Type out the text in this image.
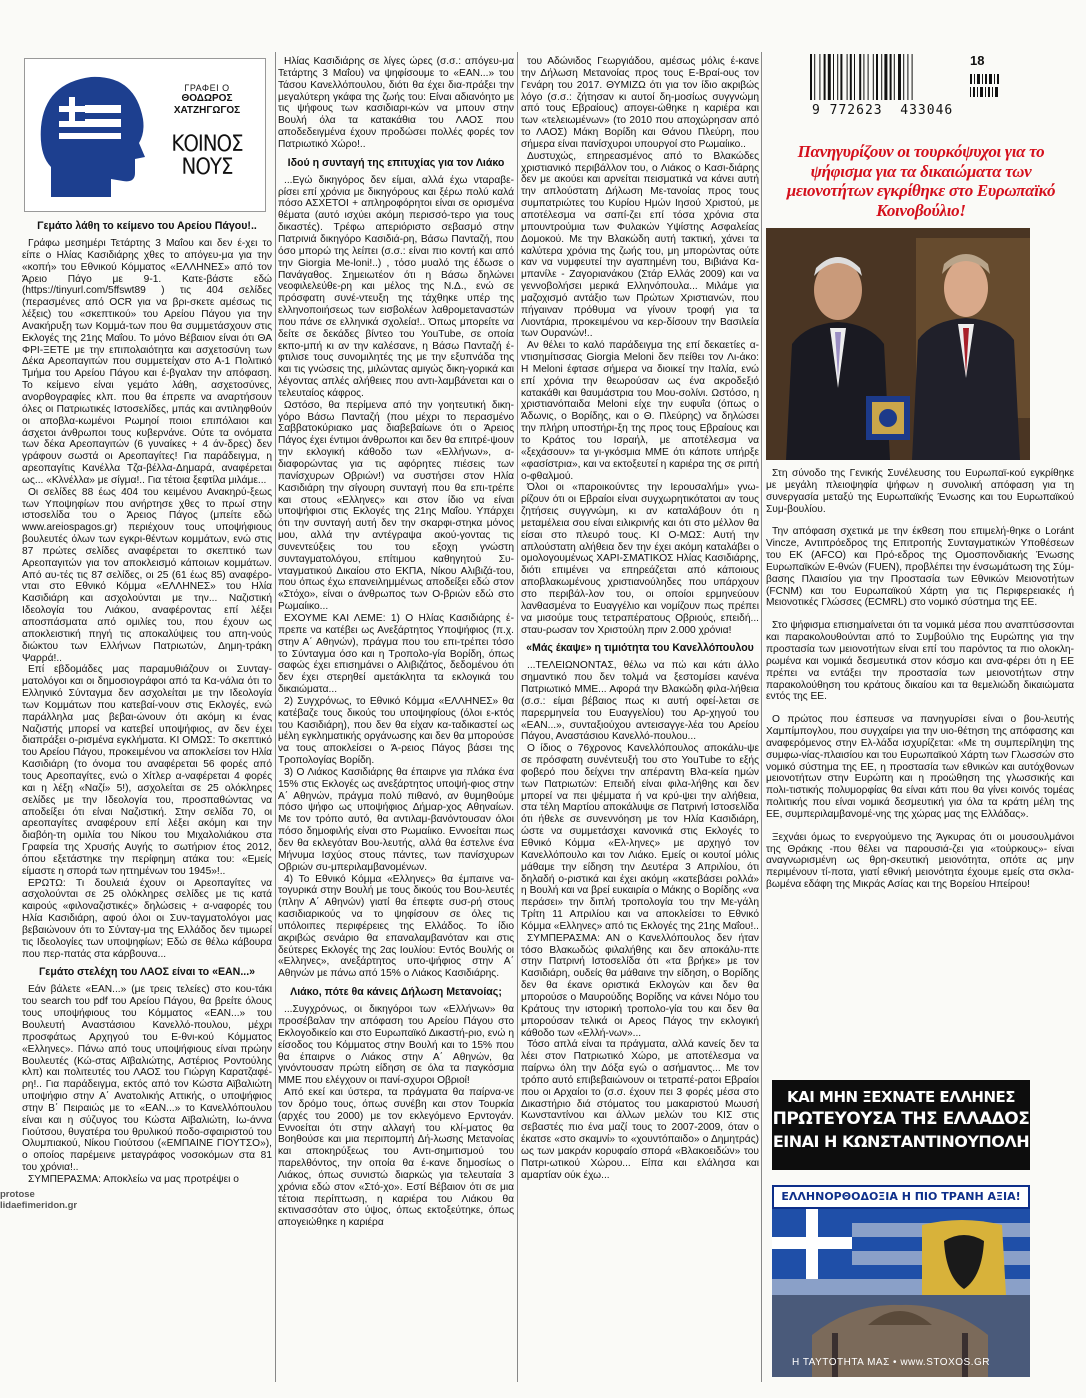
9 772623 433046
18
ΓΡΑΦΕΙ Ο
ΘΟΔΩΡΟΣ
ΧΑΤΖΗΓΩΓΟΣ
ΚΟΙΝΟΣ
ΝΟΥΣ
Γεμάτο λάθη το κείμενο του Αρείου Πάγου!..

Γράφω μεσημέρι Τετάρτης 3 Μαΐου και δεν έ-χει το είπε ο Ηλίας Κασιδιάρης χθες το απόγευ-μα για την «κοπή» του Εθνικού Κόμματος «ΕΛΛΗΝΕΣ» από τον Άρειο Πάγο με 9-1. Κατε-βάστε εδώ (https://tinyurl.com/5ffswt89 ) τις 404 σελίδες (περασμένες από OCR για να βρι-σκετε αμέσως τις λέξεις) του «σκεπτικού» του Αρείου Πάγου για την Ανακήρυξη των Κομμά-των που θα συμμετάσχουν στις Εκλογές της 21ης Μαΐου. Το μόνο Βέβαιον είναι ότι ΘΑ ΦΡΙ-ΞΕΤΕ με την επιπολαιότητα και ασχετοσύνη των Δέκα Αρεοπαγιτών που συμμετείχαν στο Α-1 Πολιτικό Τμήμα του Αρείου Πάγου και έ-βγαλαν την απόφαση. Το κείμενο είναι γεμάτο λάθη, ασχετοσύνες, ανορθογραφίες κλπ. που θα έπρεπε να αναρτήσουν όλες οι Πατριωτικές Ιστοσελίδες, μπάς και αντιληφθούν οι αποβλα-κωμένοι Ρωμηοί ποιοι επιπόλαιοι και άσχετοι άνθρωποι τους κυβερνάνε. Ούτε τα ονόματα των δέκα Αρεοπαγιτών (6 γυναίκες + 4 άν-δρες) δεν γράφουν σωστά οι Αρεοπαγίτες! Για παράδειγμα, η αρεοπαγίτις Κανέλλα Τζα-βέλλα-Δημαρά, αναφέρεται ως... «Κλνέλλα» με σίγμα!.. Για τέτοια ξεφτίλα μιλάμε...

Οι σελίδες 88 έως 404 του κειμένου Ανακηρύ-ξεως των Υποψηφίων που ανήρτησε χθες το πρωί στην ιστοσελίδα του ο Άρειος Πάγος (μπείτε εδώ www.areiospagos.gr) περιέχουν τους υποψήφιους βουλευτές όλων των εγκρι-θέντων κομμάτων, ενώ στις 87 πρώτες σελίδες αναφέρεται το σκεπτικό των Αρεοπαγιτών για τον αποκλεισμό κάποιων κομμάτων. Από αυ-τές τις 87 σελίδες, οι 25 (61 έως 85) αναφέρο-νται στο Εθνικό Κόμμα «ΕΛΛΗΝΕΣ» του Ηλία Κασιδιάρη και ασχολούνται με την... Ναζιστική Ιδεολογία του Λιάκου, αναφέροντας επί λέξει αποσπάσματα από ομιλίες του, που έχουν ως αποκλειστική πηγή τις αποκαλύψεις του απη-νούς διώκτου των Ελλήνων Πατριωτών, Δημη-τράκη Ψαρρά!..

Επί εβδομάδες μας παραμυθιάζουν οι Συνταγ-ματολόγοι και οι δημοσιογράφοι από τα Κα-νάλια ότι το Ελληνικό Σύνταγμα δεν ασχολείται με την Ιδεολογία των Κομμάτων που κατεβαί-νουν στις Εκλογές, ενώ παράλληλα μας βεβαι-ώνουν ότι ακόμη κι ένας Ναζιστής μπορεί να κατεβεί υποψήφιος, αν δεν έχει διαπράξει ο-ρισμένα εγκλήματα. ΚΙ ΟΜΩΣ: Το σκεπτικό του Αρείου Πάγου, προκειμένου να αποκλείσει τον Ηλία Κασιδιάρη (το όνομα του αναφέρεται 56 φορές από τους Αρεοπαγίτες, ενώ ο Χίτλερ α-ναφέρεται 4 φορές και η λέξη «Ναζί» 5!), ασχολείται σε 25 ολόκληρες σελίδες με την Ιδεολογία του, προσπαθώντας να αποδείξει ότι είναι Ναζιστική. Στην σελίδα 70, οι αρεοπαγίτες αναφέρουν επί λέξει ακόμη και την διαβόη-τη ομιλία του Νίκου του Μιχαλολιάκου στα Γραφεία της Χρυσής Αυγής το σωτήριον έτος 2012, όπου εξετάστηκε την περίφημη ατάκα του: «Εμείς είμαστε η σπορά των ηττημένων του 1945»!..

ΕΡΩΤΩ: Τι δουλειά έχουν οι Αρεοπαγίτες να ασχολούνται σε 25 ολόκληρες σελίδες με τις κατά καιρούς «φιλοναζιστικές» δηλώσεις + α-ναφορές του Ηλία Κασιδιάρη, αφού όλοι οι Συν-ταγματολόγοι μας βεβαιώνουν ότι το Σύνταγ-μα της Ελλάδος δεν τιμωρεί τις Ιδεολογίες των υποψηφίων; Εδώ σε θέλω κάβουρα που περ-πατάς στα κάρβουνα...

Γεμάτο στελέχη του ΛΑΟΣ είναι το «ΕΑΝ...»

Εάν βάλετε «ΕΑΝ...» (με τρεις τελείες) στο κου-τάκι του search του pdf του Αρείου Πάγου, θα βρείτε όλους τους υποψήφιους του Κόμματος «ΕΑΝ...» του Βουλευτή Αναστάσιου Κανελλό-πουλου, μέχρι προσφάτως Αρχηγού του Ε-θνι-κού Κόμματος «Ελληνες». Πάνω από τους υποψήφιους είναι πρώην Βουλευτές (Κώ-στας Αϊβαλιώτης, Αστέριος Ροντούλης κλπ) και πολιτευτές του ΛΑΟΣ του Γιώργη Καρατζαφέ-ρη!.. Για παράδειγμα, εκτός από τον Κώστα Αϊβαλιώτη υποψήφιο στην Α΄ Ανατολικής Αττικής, ο υποψήφιος στην Β΄ Πειραιώς με το «ΕΑΝ...» το Κανελλόπουλου είναι και η σύζυγος του Κώστα Αϊβαλιώτη, Ιω-άννα Γιούτσου, θυγατέρα του θρυλικού ποδο-σφαιριστού του Ολυμπιακού, Νίκου Γιούτσου («ΕΜΠΑΙΝΕ ΓΙΟΥΤΣΟ»), ο οποίος παρέμεινε μεταγράφος νοσοκόμων στα 81 του χρόνια!..

ΣΥΜΠΕΡΑΣΜΑ: Αποκλείω να μας προτρέψει ο

Ηλίας Κασιδιάρης σε λίγες ώρες (σ.σ.: απόγευ-μα Τετάρτης 3 Μαΐου) να ψηφίσουμε το «ΕΑΝ...» του Τάσου Κανελλόπουλου, διότι θα έχει δια-πράξει την μεγαλύτερη γκάφα της ζωής του: Είναι αδιανόητο με τις ψήφους των κασιδιαρι-κών να μπουν στην Βουλή όλα τα κατακάθια του ΛΑΟΣ που αποδεδειγμένα έχουν προδώσει πολλές φορές τον Πατριωτικό Χώρο!..

Ιδού η συνταγή της επιτυχίας για τον Λιάκο

...Εγώ δικηγόρος δεν είμαι, αλλά έχω νταραβε-ρίσει επί χρόνια με δικηγόρους και ξέρω πολύ καλά πόσο ΑΣΧΕΤΟΙ + απληροφόρητοι είναι σε ορισμένα θέματα (αυτό ισχύει ακόμη περισσό-τερο για τους δικαστές). Τρέφω απεριόριστο σεβασμό στην Πατρινιά δικηγόρο Κασιδιά-ρη, Βάσω Πανταζή, που όσο μπορώ της λείπει (σ.σ.: είναι πιο κοντή και από την Giorgia Me-loni!..) , τόσο μυαλό της έδωσε ο Πανάγαθος. Σημειωτέον ότι η Βάσω δηλώνει νεοφιλελεύθε-ρη και μέλος της Ν.Δ., ενώ σε πρόσφατη συνέ-ντευξη της τάχθηκε υπέρ της ελληνοποιήσεως των εισβολέων λαθρομεταναστών που πάνε σε ελληνικά σχολεία!.. Όπως μπορείτε να δείτε σε δεκάδες βίντεο του YouTube, σε οποία εκπο-μπή κι αν την καλέσανε, η Βάσω Πανταζή έ-φτιλισε τους συνομιλητές της με την εξυπνάδα της και τις γνώσεις της, μιλώντας αμιγώς δικη-γορικά και λέγοντας απλές αλήθειες που αντι-λαμβάνεται και ο τελευταίος κάφρος.

Ωστόσο, θα περίμενα από την γοητευτική δικη-γόρο Βάσω Πανταζή (που μέχρι το περασμένο Σαββατοκύριακο μας διαβεβαίωνε ότι ο Άρειος Πάγος έχει έντιμοι άνθρωποι και δεν θα επιτρέ-ψουν την εκλογική κάθοδο των «Ελλήνων», α-διαφορώντας για τις αφόρητες πιέσεις των πανίσχυρων Οβριών!) να συστήσει στον Ηλία Κασιδιάρη την σίγουρη συνταγή που θα επι-τρέπε και στους «Ελληνες» και στον ίδιο να είναι υποψήφιοι στις Εκλογές της 21ης Μαΐου. Υπάρχει ότι την συνταγή αυτή δεν την σκαρφι-στηκα μόνος μου, αλλά την αντέγραψα ακού-γοντας τις συνεντεύξεις του του εξοχη γνώστη συνταγματολόγου, επίτιμου καθηγητού Συ-νταγματικού Δικαίου στο ΕΚΠΑ, Νίκου Αλιβιζά-του, που όπως έχω επανειλημμένως αποδείξει εδώ στον «Στόχο», είναι ο άνθρωπος των Ο-βριών εδώ στο Ρωμαίικο...

ΕΧΟΥΜΕ ΚΑΙ ΛΕΜΕ: 1) Ο Ηλίας Κασιδιάρης έ-πρεπε να κατέβει ως Ανεξάρτητος Υποψήφιος (π.χ. στην Α΄ Αθηνών), πράγμα που του επι-τρέπει τόσο το Σύνταγμα όσο και η Τροπολο-γία Βορίδη, όπως σαφώς έχει επισημάνει ο Αλιβιζάτος, δεδομένου ότι δεν έχει στερηθεί αμετάκλητα τα εκλογικά του δικαιώματα...

2) Συγχρόνως, το Εθνικό Κόμμα «ΕΛΛΗΝΕΣ» θα κατέβαζε τους δικούς του υποψηφίους (όλοι ε-κτός του Κασιδιάρη), που δεν θα είχαν κα-ταδικαστεί ως μέλη εγκληματικής οργάνωσης και δεν θα μπορούσε να τους αποκλείσει ο Ά-ρειος Πάγος βάσει της Τροπολογίας Βορίδη.

3) Ο Λιάκος Κασιδιάρης θα έπαιρνε για πλάκα ένα 15% στις Εκλογές ως ανεξάρτητος υποψή-φιος στην Α΄ Αθηνών, πράγμα πολύ πιθανό, αν θυμηθούμε πόσο ψήφο ως υποψήφιος Δήμαρ-χος Αθηναίων. Με τον τρόπο αυτό, θα αντιλαμ-βανόντουσαν όλοι πόσο δημοφιλής είναι στο Ρωμαίικο. Εννοείται πως δεν θα εκλεγόταν Βου-λευτής, αλλά θα έστελνε ένα Μήνυμα Ισχύος στους πάντες, των πανίσχυρων Οβριών συ-μπεριλαμβανομένων.

4) Το Εθνικό Κόμμα «Ελληνες» θα έμπαινε να-τογυρικά στην Βουλή με τους δικούς του Βου-λευτές (πλην Α΄ Αθηνών) γιατί θα έπεφτε συσ-ρή στους κασιδιαρικούς να το ψηφίσουν σε όλες τις υπόλοιπες περιφέρειες της Ελλάδος. Το ίδιο ακριβώς σενάριο θα επαναλαμβανόταν και στις δεύτερες Εκλογές της 2ας Ιουλίου: Εντός Βουλής οι «Ελληνες», ανεξάρτητος υπο-ψήφιος στην Α΄ Αθηνών με πάνω από 15% ο Λιάκος Κασιδιάρης.

Λιάκο, πότε θα κάνεις Δήλωση Μετανοίας;

...Συγχρόνως, οι δικηγόροι των «Ελλήνων» θα προσέβαλαν την απόφαση του Αρείου Πάγου στο Εκλογοδικείο και στο Ευρωπαϊκό Δικαστή-ριο, ενώ η είσοδος του Κόμματος στην Βουλή και το 15% που θα έπαιρνε ο Λιάκος στην Α΄ Αθηνών, θα γινόντουσαν πρώτη είδηση σε όλα τα παγκόσμια ΜΜΕ που ελέγχουν οι πανί-σχυροι Οβριοί!

Από εκεί και ύστερα, τα πράγματα θα παίρνα-νε τον δρόμο τους, όπως συνέβη και στον Τουρκία (αρχές του 2000) με τον εκλεγόμενο Ερντογάν. Εννοείται ότι στην αλλαγή του κλί-ματος θα Βοηθούσε και μια περιπομπή Δή-λωσης Μετανοίας και αποκηρύξεως του Αντι-σημιτισμού του παρελθόντος, την οποία θα έ-κανε δημοσίως ο Λιάκος, όπως συνιστώ διαρκώς για τελευταία 3 χρόνια εδώ στον «Στό-χο». Εστί Βέβαιον ότι σε μια τέτοια περίπτωση, η καριέρα του Λιάκου θα εκτινασσόταν στο ύψος, όπως εκτοξεύτηκε, όπως απογειώθηκε η καριέρα

του Αδώνιδος Γεωργιάδου, αμέσως μόλις έ-κανε την Δήλωση Μετανοίας προς τους Ε-Βραί-ους τον Γενάρη του 2017. ΘΥΜΙΖΩ ότι για τον ίδιο ακριβώς λόγο (σ.σ.: ζήτησαν κι αυτοί δη-μοσίως συγγνώμη από τους Εβραίους) απογει-ώθηκε η καριέρα και των «τελειωμένων» (το 2010 που αποχώρησαν από το ΛΑΟΣ) Μάκη Βορίδη και Θάνου Πλεύρη, που σήμερα είναι πανίσχυροι υπουργοί στο Ρωμαίικο..

Δυστυχώς, επηρεασμένος από το Βλακώδες χριστιανικό περιβάλλον του, ο Λιάκος ο Κασι-διάρης δεν με ακούει και αρνείται πεισματικά να κάνει αυτή την απλούστατη Δήλωση Με-τανοίας προς τους συμπατριώτες του Κυρίου Ημών Ιησού Χριστού, με αποτέλεσμα να σαπί-ζει επί τόσα χρόνια στα μπουντρούμια των Φυλακών Υψίστης Ασφαλείας Δομοκού. Με την Βλακώδη αυτή τακτική, χάνει τα καλύτερα χρόνια της ζωής του, μη μπορώντας ούτε καν να νυμφευτεί την αγαπημένη του, Βιβιάνα Κα-μπανίλε - Ζαγοριανάκου (Στάρ Ελλάς 2009) και να γεννοβολήσει μερικά Ελληνόπουλα... Μιλάμε για μαζοχισμό αντάξιο των Πρώτων Χριστιανών, που πήγαιναν πρόθυμα να γίνουν τροφή για τα Λιοντάρια, προκειμένου να κερ-δίσουν την Βασιλεία των Ουρανών!..

Αν θέλει το καλό παράδειγμα της επί δεκαετίες α-ντισημίτισσας Giorgia Meloni δεν πείθει τον Λι-άκο: Η Meloni έφτασε σήμερα να διοικεί την Ιταλία, ενώ επί χρόνια την θεωρούσαν ως ένα ακροδεξιό κατακάθι και θαυμάστρια του Μου-σολίνι. Ωστόσο, η χριστιανόπαιδα Meloni είχε την ευφυΐα (όπως ο Άδωνις, ο Βορίδης, και ο Θ. Πλεύρης) να δηλώσει την πλήρη υποστήρι-ξη της προς τους Εβραίους και το Κράτος του Ισραήλ, με αποτέλεσμα να «ξεχάσουν» τα γι-γκόσμια ΜΜΕ ότι κάποτε υπήρξε «φασίστρια», και να εκτοξευτεί η καριέρα της σε ριπή ο-φθαλμού.

Όλοι οι «παροικούντες την Ιερουσαλήμ» γνω-ρίζουν ότι οι Εβραίοι είναι συγχωρητικότατοι αν τους ζητήσεις συγγνώμη, κι αν καταλάβουν ότι η μεταμέλεια σου είναι ειλικρινής και ότι στο μέλλον θα είσαι στο πλευρό τους. ΚΙ Ο-ΜΩΣ: Αυτή την απλούστατη αλήθεια δεν την έχει ακόμη καταλάβει ο ομολογουμένως ΧΑΡΙ-ΣΜΑΤΙΚΟΣ Ηλίας Κασιδιάρης, διότι επιμένει να επηρεάζεται από κάποιους αποβλακωμένους χριστιανούληδες που υπάρχουν στο περιβάλ-λον του, οι οποίοι ερμηνεύουν λανθασμένα το Ευαγγέλιο και νομίζουν πως πρέπει να μισούμε τους τετραπέρατους Οβριούς, επειδή... σταυ-ρωσαν τον Χριστούλη πριν 2.000 χρόνια!

«Μάς έκαψε» η τιμιότητα του Κανελλόπουλου

...ΤΕΛΕΙΩΝΟΝΤΑΣ, θέλω να πώ και κάτι άλλο σημαντικό που δεν τολμά να ξεστομίσει κανένα Πατριωτικό ΜΜΕ... Αφορά την Βλακώδη φιλα-λήθεια (σ.σ.: είμαι βέβαιος πως κι αυτή οφεί-λεται σε παρερμηνεία του Ευαγγελίου) του Αρ-χηγού του «ΕΑΝ...», συνταξιούχου αντεισαγγε-λέα του Αρείου Πάγου, Αναστάσιου Κανελλό-πουλου...

Ο ίδιος ο 76χρονος Κανελλόπουλος αποκάλυ-ψε σε πρόσφατη συνέντευξή του στο YouTube το εξής φοβερό που δείχνει την απέραντη Βλα-κεία ημών των Πατριωτών: Επειδή είναι φιλα-λήθης και δεν μπορεί να πει ψέμματα ή να κρύ-ψει την αλήθεια, στα τέλη Μαρτίου αποκάλυψε σε Πατρινή Ιστοσελίδα ότι ήθελε σε συνεννόηση με τον Ηλία Κασιδιάρη, ώστε να συμμετάσχει κανονικά στις Εκλογές το Εθνικό Κόμμα «Ελ-ληνες» με αρχηγό τον Κανελλόπουλο και τον Λιάκο. Εμείς οι κουτοί μόλις μάθαμε την είδηση την Δευτέρα 3 Απριλίου, ότι δηλαδή ο-ριστικά και έχει ακόμη «κατεβάσει ρολλά» η Βουλή και να βρεί ευκαιρία ο Μάκης ο Βορίδης «να περάσει» την διπλή τροπολογία του την Με-γάλη Τρίτη 11 Απριλίου και να αποκλείσει το Εθνικό Κόμμα «Ελληνες» από τις Εκλογές της 21ης Μαΐου!..

ΣΥΜΠΕΡΑΣΜΑ: ΑΝ ο Κανελλόπουλος δεν ήταν τόσο Βλακωδώς φιλαλήθης και δεν αποκάλυ-πτε στην Πατρινή Ιστοσελίδα ότι «τα βρήκε» με τον Κασιδιάρη, ουδείς θα μάθαινε την είδηση, ο Βορίδης δεν θα έκανε οριστικά Εκλογών και δεν θα μπορούσε ο Μαυρούδης Βορίδης να κάνει Νόμο του Κράτους την ιστορική τροπολο-γία του και δεν θα μπορούσαν τελικά οι Αρεος Πάγος την εκλογική κάθοδο των «Ελλή-νων»...

Τόσο απλά είναι τα πράγματα, αλλά κανείς δεν τα λέει στον Πατριωτικό Χώρο, με αποτέλεσμα να παίρνω όλη την Δόξα εγώ ο ασήμαντος... Με τον τρόπο αυτό επιβεβαιώνουν οι τετραπέ-ρατοι Εβραίοι που οι Αρχαίοι το (σ.σ. έχουν πει 3 φορές μέσα στο Δικαστήριο διά στόματος του μακαριστού Μωυσή Κωνσταντίνου και άλλων μελών του ΚΙΣ στις σεβαστές πιο ένα μαζί τους το 2007-2009, όταν ο έκατσε «στο σκαμνί» το «χουντόπαιδο» ο Δημητράς) ως των μακράν κορυφαίο σπορά «Βλακοειδών» του Πατρι-ωτικού Χώρου... Είπα και ελάλησα και αμαρτίαν ούκ έχω...

Πανηγυρίζουν οι τουρκόψυχοι για το ψήφισμα για τα δικαιώματα των μειονοτήτων εγκρίθηκε στο Ευρωπαϊκό Κοινοβούλιο!

Στη σύνοδο της Γενικής Συνέλευσης του Ευρωπαϊ-κού εγκρίθηκε με μεγάλη πλειοψηφία ψήφων η συνολική απόφαση για τη συνεργασία μεταξύ της Ευρωπαϊκής Ένωσης και του Ευρωπαϊκού Συμ-βουλίου.

Την απόφαση σχετικά με την έκθεση που επιμελή-θηκε ο Loránt Vincze, Αντιπρόεδρος της Επιτροπής Συνταγματικών Υποθέσεων του ΕΚ (AFCO) και Πρό-εδρος της Ομοσπονδιακής Ένωσης Ευρωπαϊκών Ε-θνών (FUEN), προβλέπει την ένσωμάτωση της Σύμ-βασης Πλαισίου για την Προστασία των Εθνικών Μειονοτήτων (FCNM) και του Ευρωπαϊκού Χάρτη για τις Περιφερειακές ή Μειονοτικές Γλώσσες (ECMRL) στο νομικό σύστημα της ΕΕ.

Στο ψήφισμα επισημαίνεται ότι τα νομικά μέσα που αναπτύσσονται και παρακολουθούνται από το Συμβούλιο της Ευρώπης για την προστασία των μειονοτήτων είναι επί του παρόντος τα πιο ολοκλη-ρωμένα και νομικά δεσμευτικά στον κόσμο και ανα-φέρει ότι η ΕΕ πρέπει να εντάξει την προστασία των μειονοτήτων στην παρακολούθηση του κράτους δικαίου και τα θεμελιώδη δικαιώματα εντός της ΕΕ.

Ο πρώτος που έσπευσε να πανηγυρίσει είναι ο βου-λευτής Χαμπίμπογλου, που συγχαίρει για την υιο-θέτηση της απόφασης και αναφερόμενος στην Ελ-λάδα ισχυρίζεται: «Με τη συμπερίληψη της συμφω-νίας-πλαισίου και του Ευρωπαϊκού Χάρτη των Γλωσσών στο νομικό σύστημα της ΕΕ, η προστασία των εθνικών και αυτόχθονων μειονοτήτων στην Ευρώπη και η προώθηση της γλωσσικής και πολι-τιστικής πολυμορφίας θα είναι κάτι που θα γίνει κοινός τομέας πολιτικής που είναι νομικά δεσμευτική για όλα τα κράτη μέλη της ΕΕ, συμπεριλαμβανομέ-νης της χώρας μας της Ελλάδας».

Ξεχνάει όμως το ενεργούμενο της Άγκυρας ότι οι μουσουλμάνοι της Θράκης -που θέλει να παρουσιά-ζει για «τούρκους»- είναι αναγνωρισμένη ως θρη-σκευτική μειονότητα, οπότε ας μην περιμένουν τί-ποτα, γιατί εθνική μειονότητα έχουμε εμείς στα σκλα-βωμένα εδάφη της Μικράς Ασίας και της Βορείου Ηπείρου!

ΚΑΙ ΜΗΝ ΞΕΧΝΑΤΕ ΕΛΛΗΝΕΣ
ΠΡΩΤΕΥΟΥΣΑ ΤΗΣ ΕΛΛΑΔΟΣ
ΕΙΝΑΙ Η ΚΩΝΣΤΑΝΤΙΝΟΥΠΟΛΗ
ΕΛΛΗΝΟΡΘΟΔΟΞΙΑ Η ΠΙΟ ΤΡΑΝΗ ΑΞΙΑ!
Η ΤΑΥΤΟΤΗΤΑ ΜΑΣ • www.STOXOS.GR
protose
lidaefimeridon.gr
